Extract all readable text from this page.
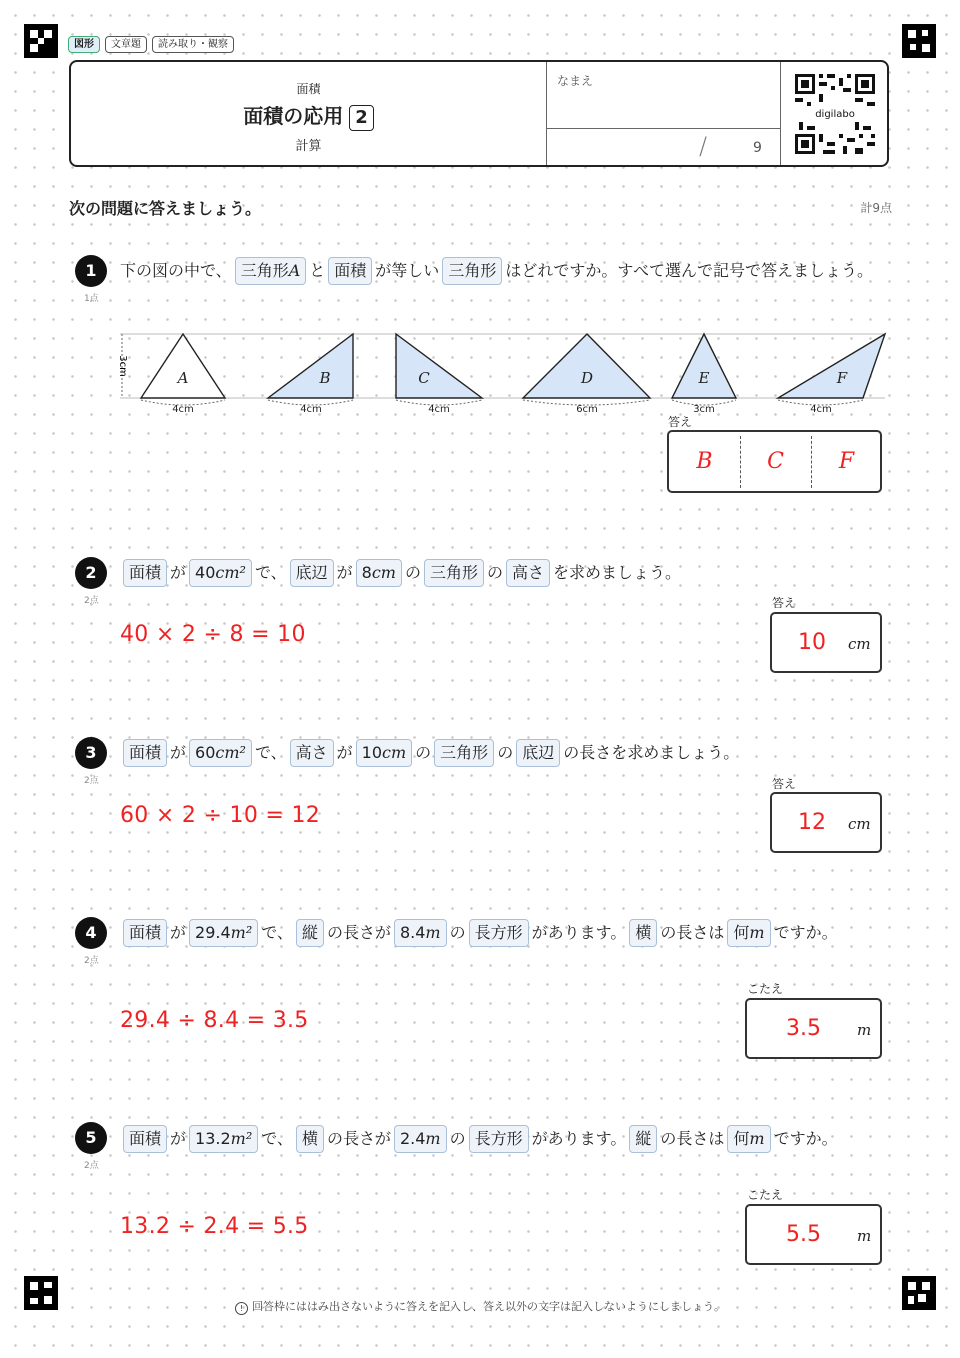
図形	文章題	読み取り・観察
面積
面積の応用 2
計算
なまえ
/	9
digilabo
次の問題に答えましょう。	計9点
1
1点
下の図の中で、 三角形A と 面積 が等しい 三角形 はどれですか。すべて選んで記号で答えましょう。
3cm
A	B	C	D	E	F
4cm	4cm	4cm	6cm	3cm	4cm
答え
B	C	F
2
2点
面積 が 40cm² で、 底辺 が 8cm の 三角形 の 高さ を求めましょう。
40 × 2 ÷ 8 = 10
答え
10 cm
3
2点
面積 が 60cm² で、 高さ が 10cm の 三角形 の 底辺 の長さを求めましょう。
60 × 2 ÷ 10 = 12
答え
12 cm
4
2点
面積 が 29.4m² で、 縦 の長さが 8.4m の 長方形 があります。 横 の長さは 何m ですか。
29.4 ÷ 8.4 = 3.5
こたえ
3.5 m
5
2点
面積 が 13.2m² で、 横 の長さが 2.4m の 長方形 があります。 縦 の長さは 何m ですか。
13.2 ÷ 2.4 = 5.5
こたえ
5.5 m
! 回答枠にははみ出さないように答えを記入し、答え以外の文字は記入しないようにしましょう。
